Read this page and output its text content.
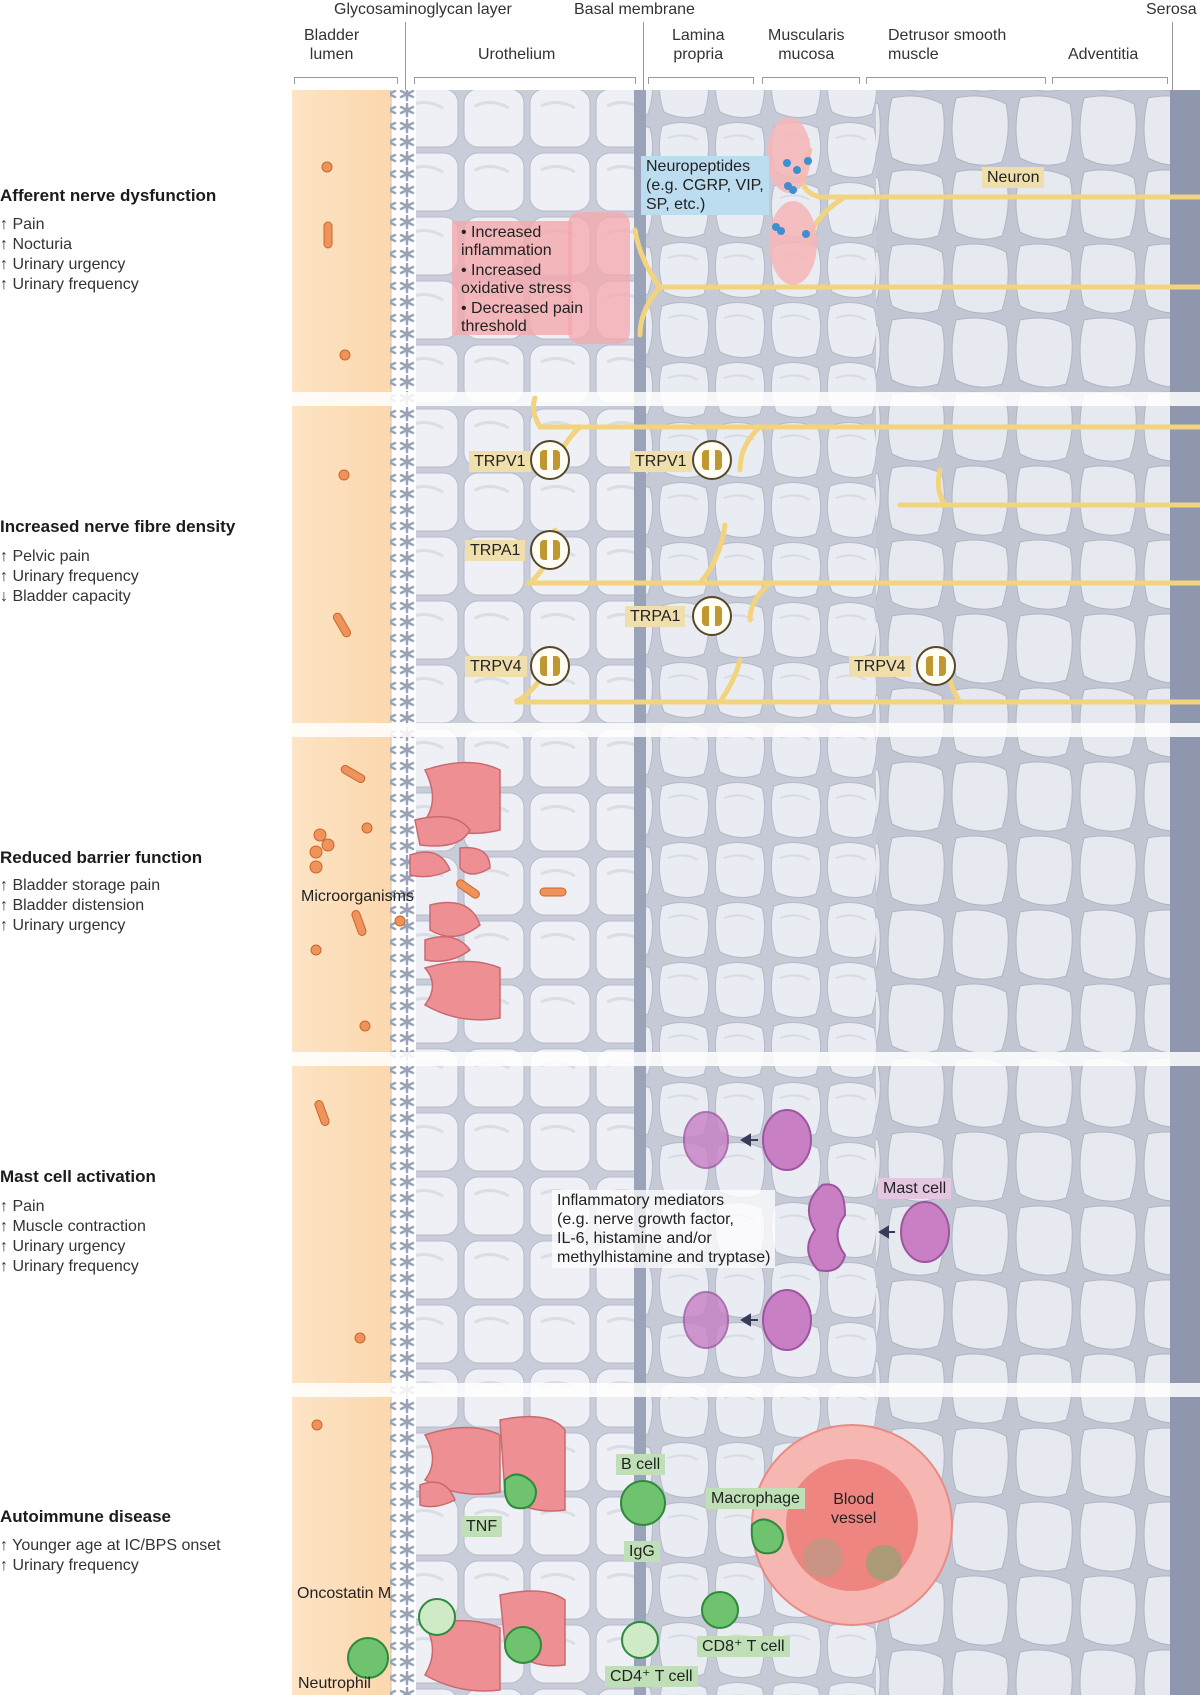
Glycosaminoglycan layer	Basal membrane	Serosa
Bladder
lumen	Urothelium
Lamina
propria
Muscularis
mucosa
Detrusor smooth
muscle	Adventitia
Afferent nerve dysfunction
↑ Pain
↑ Nocturia
↑ Urinary urgency
↑ Urinary frequency
Increased nerve fibre density
↑ Pelvic pain
↑ Urinary frequency
↓ Bladder capacity
Reduced barrier function
↑ Bladder storage pain
↑ Bladder distension
↑ Urinary urgency
Mast cell activation
↑ Pain
↑ Muscle contraction
↑ Urinary urgency
↑ Urinary frequency
Autoimmune disease
↑ Younger age at IC/BPS onset
↑ Urinary frequency
Neuropeptides
(e.g. CGRP, VIP,
SP, etc.)
Neuron
• Increased
inflammation
• Increased
oxidative stress
• Decreased pain
threshold
TRPV1	TRPV1
TRPA1
TRPA1
TRPV4	TRPV4
Microorganisms
Mast cell
Inflammatory mediators
(e.g. nerve growth factor,
IL-6, histamine and/or
methylhistamine and tryptase)
B cell
IgG
TNF
Macrophage	Blood
vessel
Oncostatin M
Neutrophil	CD4⁺ T cell
CD8⁺ T cell
